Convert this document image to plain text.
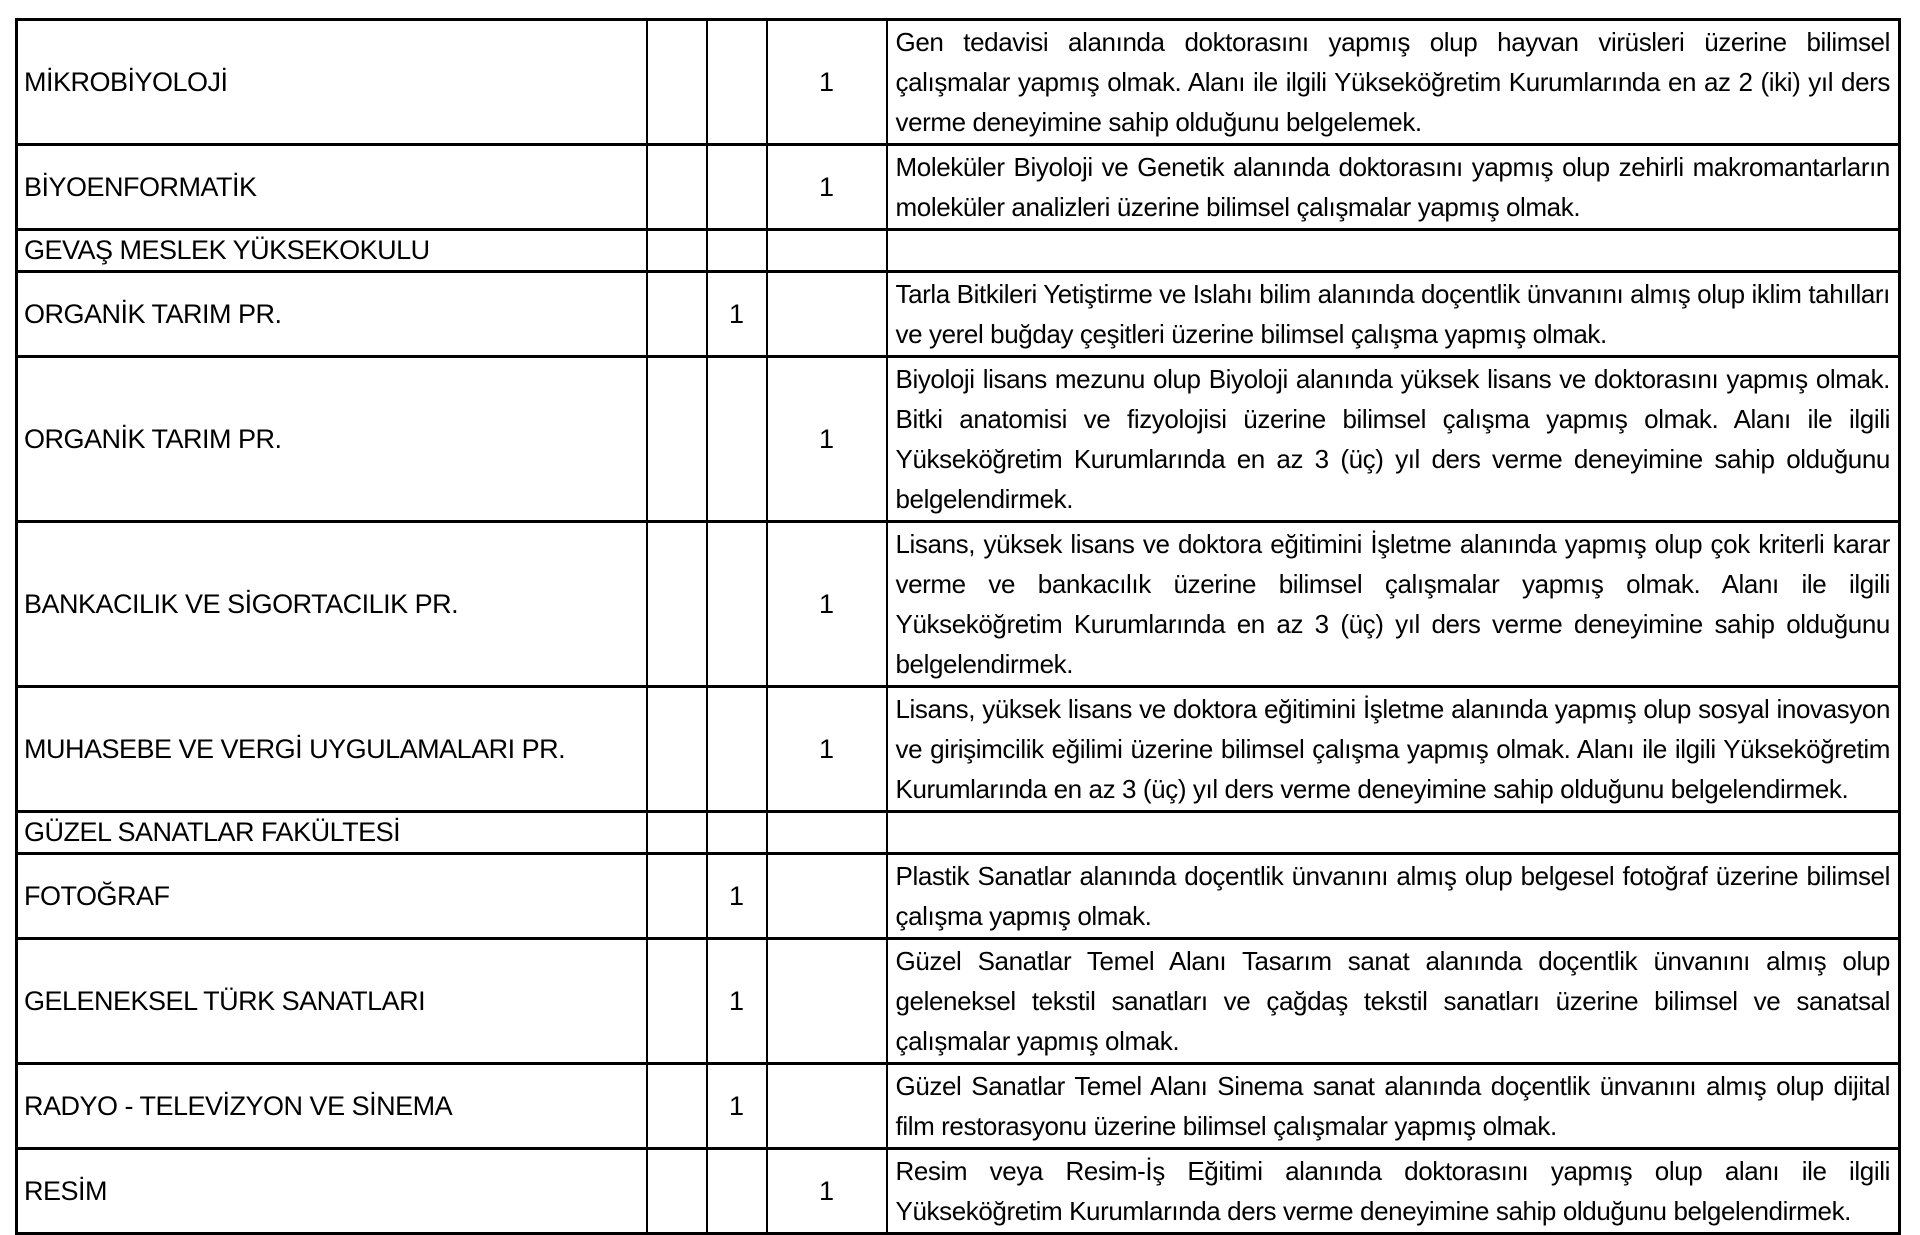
MİKROBİYOLOJİ			1	Gen tedavisi alanında doktorasını yapmış olup hayvan virüsleri üzerine bilimsel çalışmalar yapmış olmak. Alanı ile ilgili Yükseköğretim Kurumlarında en az 2 (iki) yıl ders verme deneyimine sahip olduğunu belgelemek.
BİYOENFORMATİK			1	Moleküler Biyoloji ve Genetik alanında doktorasını yapmış olup zehirli makromantarların moleküler analizleri üzerine bilimsel çalışmalar yapmış olmak.
GEVAŞ MESLEK YÜKSEKOKULU				
ORGANİK TARIM PR.		1		Tarla Bitkileri Yetiştirme ve Islahı bilim alanında doçentlik ünvanını almış olup iklim tahılları ve yerel buğday çeşitleri üzerine bilimsel çalışma yapmış olmak.
ORGANİK TARIM PR.			1	Biyoloji lisans mezunu olup Biyoloji alanında yüksek lisans ve doktorasını yapmış olmak. Bitki anatomisi ve fizyolojisi üzerine bilimsel çalışma yapmış olmak. Alanı ile ilgili Yükseköğretim Kurumlarında en az 3 (üç) yıl ders verme deneyimine sahip olduğunu belgelendirmek.
BANKACILIK VE SİGORTACILIK PR.			1	Lisans, yüksek lisans ve doktora eğitimini İşletme alanında yapmış olup çok kriterli karar verme ve bankacılık üzerine bilimsel çalışmalar yapmış olmak. Alanı ile ilgili Yükseköğretim Kurumlarında en az 3 (üç) yıl ders verme deneyimine sahip olduğunu belgelendirmek.
MUHASEBE VE VERGİ UYGULAMALARI PR.			1	Lisans, yüksek lisans ve doktora eğitimini İşletme alanında yapmış olup sosyal inovasyon ve girişimcilik eğilimi üzerine bilimsel çalışma yapmış olmak. Alanı ile ilgili Yükseköğretim Kurumlarında en az 3 (üç) yıl ders verme deneyimine sahip olduğunu belgelendirmek.
GÜZEL SANATLAR FAKÜLTESİ				
FOTOĞRAF		1		Plastik Sanatlar alanında doçentlik ünvanını almış olup belgesel fotoğraf üzerine bilimsel çalışma yapmış olmak.
GELENEKSEL TÜRK SANATLARI		1		Güzel Sanatlar Temel Alanı Tasarım sanat alanında doçentlik ünvanını almış olup geleneksel tekstil sanatları ve çağdaş tekstil sanatları üzerine bilimsel ve sanatsal çalışmalar yapmış olmak.
RADYO - TELEVİZYON VE SİNEMA		1		Güzel Sanatlar Temel Alanı Sinema sanat alanında doçentlik ünvanını almış olup dijital film restorasyonu üzerine bilimsel çalışmalar yapmış olmak.
RESİM			1	Resim veya Resim-İş Eğitimi alanında doktorasını yapmış olup alanı ile ilgili Yükseköğretim Kurumlarında ders verme deneyimine sahip olduğunu belgelendirmek.
